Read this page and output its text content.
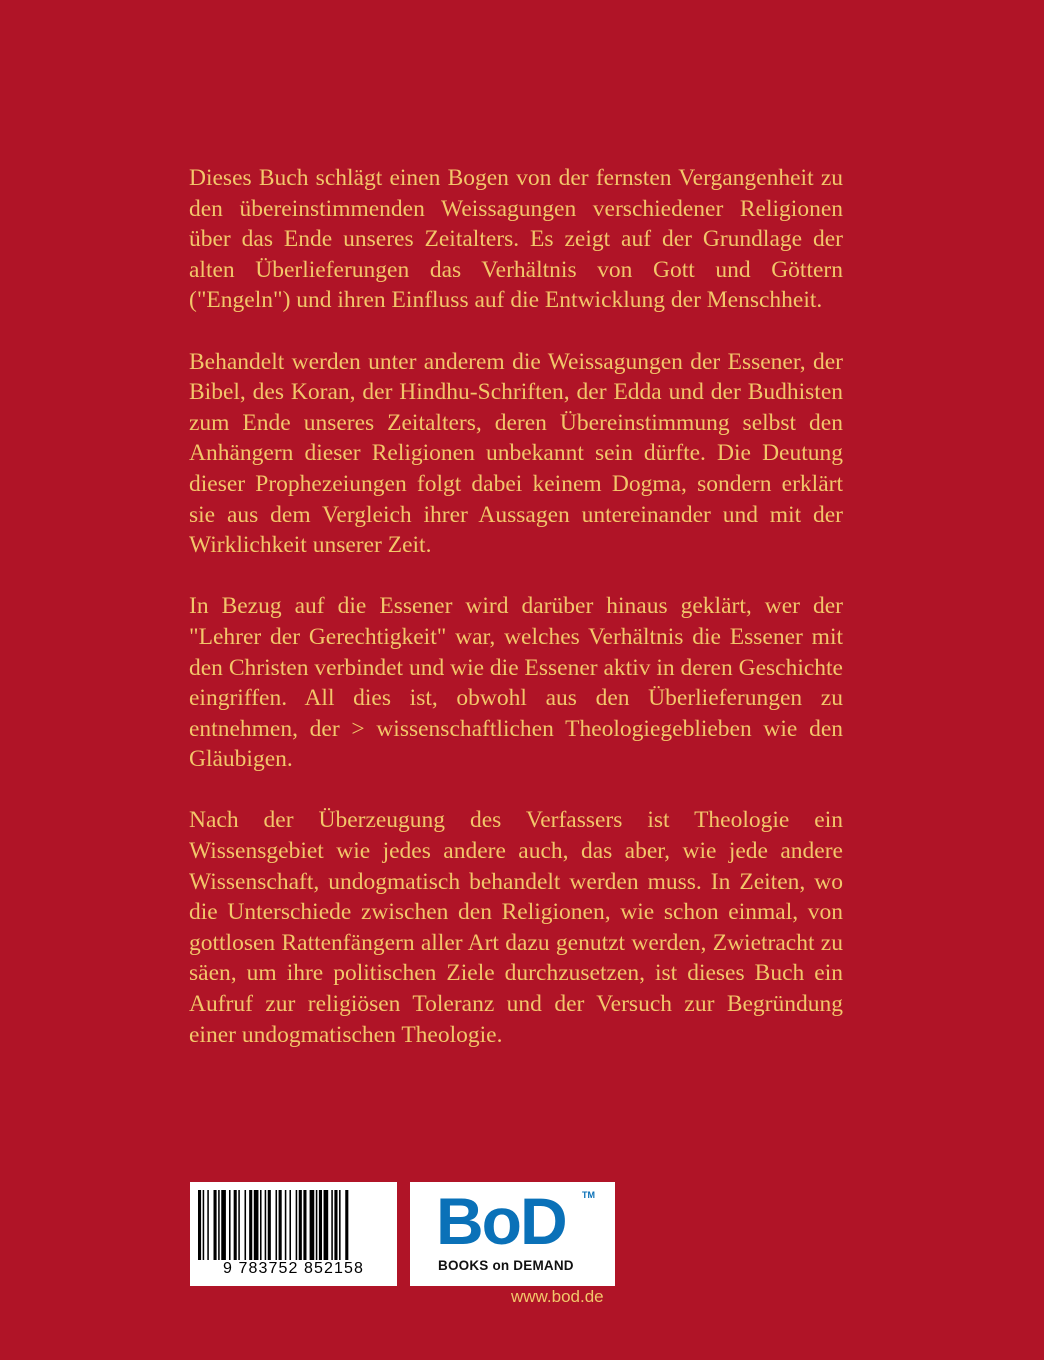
Dieses Buch schlägt einen Bogen von der fernsten Vergangenheit zu den übereinstimmenden Weissagungen verschiedener Religionen über das Ende unseres Zeitalters. Es zeigt auf der Grundlage der alten Überlieferungen das Verhältnis von Gott und Göttern ("Engeln") und ihren Einfluss auf die Entwicklung der Menschheit.

Behandelt werden unter anderem die Weissagungen der Essener, der Bibel, des Koran, der Hindhu-Schriften, der Edda und der Budhisten zum Ende unseres Zeitalters, deren Übereinstimmung selbst den Anhängern dieser Religionen unbekannt sein dürfte. Die Deutung dieser Prophezeiungen folgt dabei keinem Dogma, sondern erklärt sie aus dem Vergleich ihrer Aussagen untereinander und mit der Wirklichkeit unserer Zeit.

In Bezug auf die Essener wird darüber hinaus geklärt, wer der "Lehrer der Gerechtigkeit" war, welches Verhältnis die Essener mit den Christen verbindet und wie die Essener aktiv in deren Geschichte eingriffen. All dies ist, obwohl aus den Überlieferungen zu entnehmen, der > wissenschaftlichen Theologiegeblieben wie den Gläubigen.

Nach der Überzeugung des Verfassers ist Theologie ein Wissensgebiet wie jedes andere auch, das aber, wie jede andere Wissenschaft, undogmatisch behandelt werden muss. In Zeiten, wo die Unterschiede zwischen den Religionen, wie schon einmal, von gottlosen Rattenfängern aller Art dazu genutzt werden, Zwietracht zu säen, um ihre politischen Ziele durchzusetzen, ist dieses Buch ein Aufruf zur religiösen Toleranz und der Versuch zur Begründung einer undogmatischen Theologie.

9 783752 852158
BoD TM
BOOKS on DEMAND
www.bod.de
